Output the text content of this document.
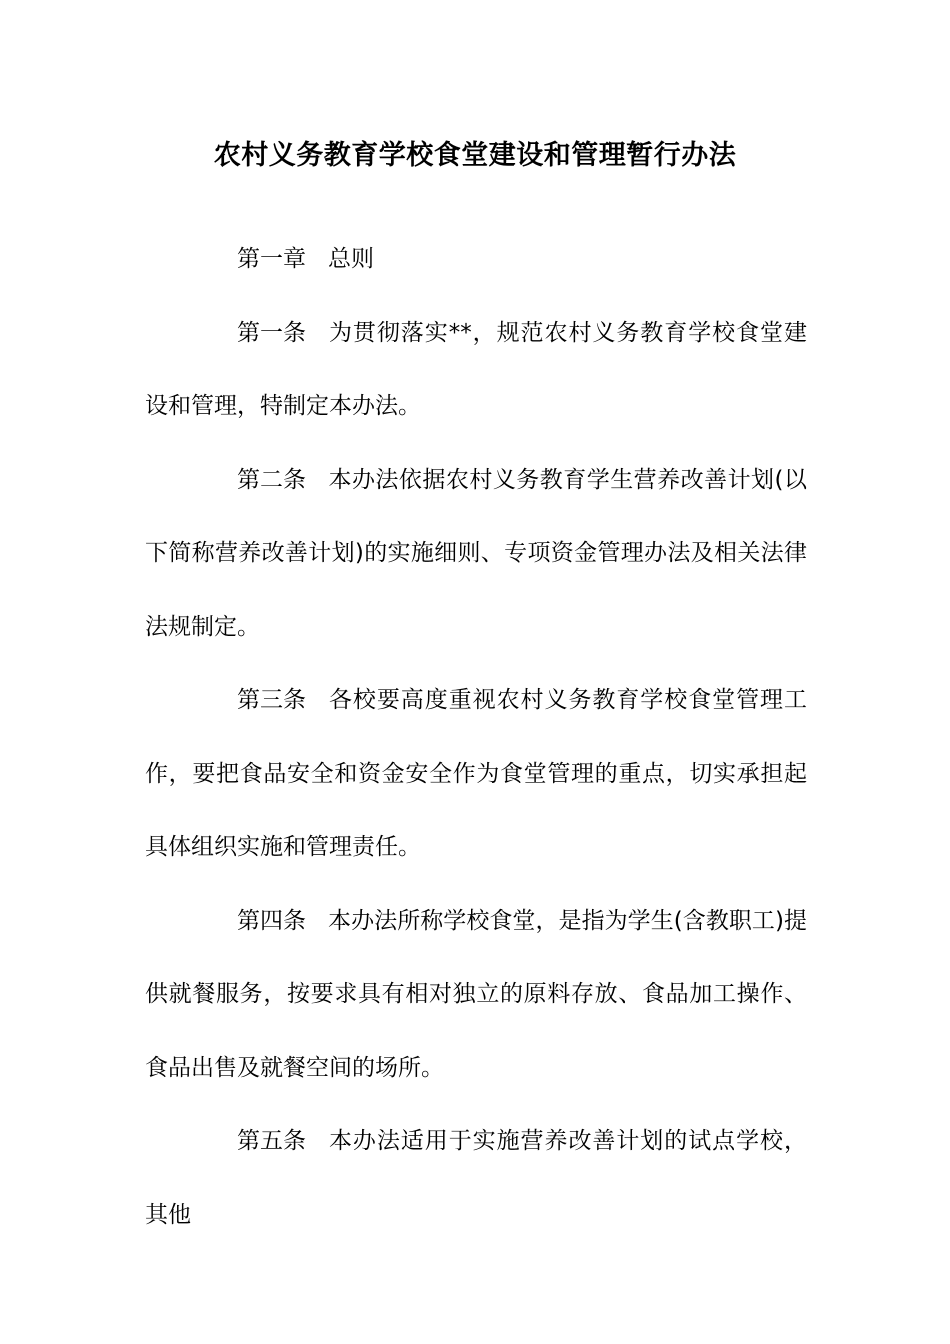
农村义务教育学校食堂建设和管理暂行办法

第一章 总则

第一条 为贯彻落实**，规范农村义务教育学校食堂建设和管理，特制定本办法。

第二条 本办法依据农村义务教育学生营养改善计划(以下简称营养改善计划)的实施细则、专项资金管理办法及相关法律法规制定。

第三条 各校要高度重视农村义务教育学校食堂管理工作，要把食品安全和资金安全作为食堂管理的重点，切实承担起具体组织实施和管理责任。

第四条 本办法所称学校食堂，是指为学生(含教职工)提供就餐服务，按要求具有相对独立的原料存放、食品加工操作、食品出售及就餐空间的场所。

第五条 本办法适用于实施营养改善计划的试点学校，其他
